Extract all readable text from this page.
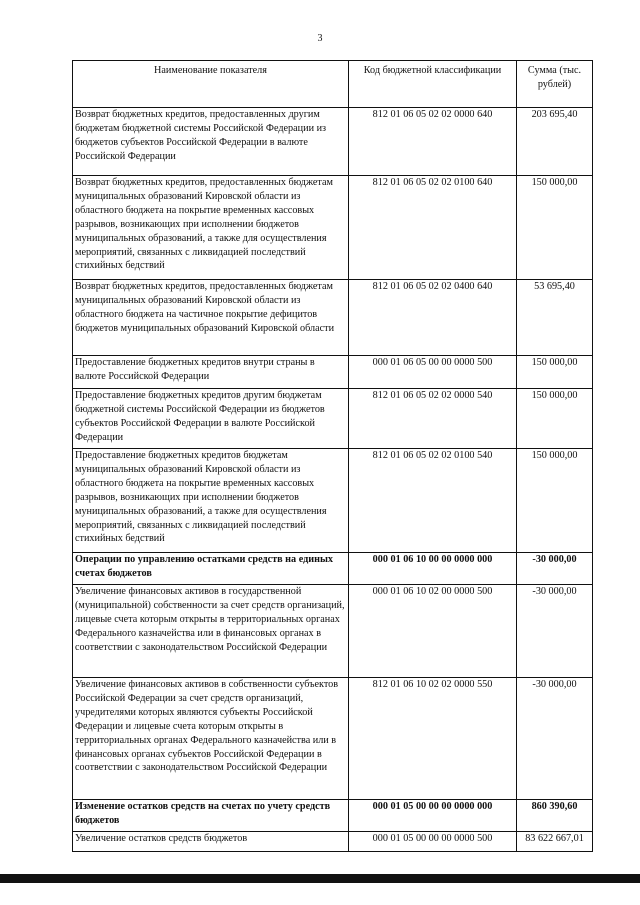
3
Наименование показателя	Код бюджетной классификации	Сумма (тыс. рублей)
Возврат бюджетных кредитов, предоставленных другим бюджетам бюджетной системы Российской Федерации из бюджетов субъектов Российской Федерации в валюте Российской Федерации	812 01 06 05 02 02 0000 640	203 695,40
Возврат бюджетных кредитов, предоставленных бюджетам муниципальных образований Кировской области из областного бюджета на покрытие временных кассовых разрывов, возникающих при исполнении бюджетов муниципальных образований, а также для осуществления мероприятий, связанных с ликвидацией последствий стихийных бедствий	812 01 06 05 02 02 0100 640	150 000,00
Возврат бюджетных кредитов, предоставленных бюджетам муниципальных образований Кировской области из областного бюджета на частичное покрытие дефицитов бюджетов муниципальных образований Кировской области	812 01 06 05 02 02 0400 640	53 695,40
Предоставление бюджетных кредитов внутри страны в валюте Российской Федерации	000 01 06 05 00 00 0000 500	150 000,00
Предоставление бюджетных кредитов другим бюджетам бюджетной системы Российской Федерации из бюджетов субъектов Российской Федерации в валюте Российской Федерации	812 01 06 05 02 02 0000 540	150 000,00
Предоставление бюджетных кредитов бюджетам муниципальных образований Кировской области из областного бюджета на покрытие временных кассовых разрывов, возникающих при исполнении бюджетов муниципальных образований, а также для осуществления мероприятий, связанных с ликвидацией последствий стихийных бедствий	812 01 06 05 02 02 0100 540	150 000,00
Операции по управлению остатками средств на единых счетах бюджетов	000 01 06 10 00 00 0000 000	-30 000,00
Увеличение финансовых активов в государственной (муниципальной) собственности за счет средств организаций, лицевые счета которым открыты в территориальных органах Федерального казначейства или в финансовых органах в соответствии с законодательством Российской Федерации	000 01 06 10 02 00 0000 500	-30 000,00
Увеличение финансовых активов в собственности субъектов Российской Федерации за счет средств организаций, учредителями которых являются субъекты Российской Федерации и лицевые счета которым открыты в территориальных органах Федерального казначейства или в финансовых органах субъектов Российской Федерации в соответствии с законодательством Российской Федерации	812 01 06 10 02 02 0000 550	-30 000,00
Изменение остатков средств на счетах по учету средств бюджетов	000 01 05 00 00 00 0000 000	860 390,60
Увеличение остатков средств бюджетов	000 01 05 00 00 00 0000 500	83 622 667,01
